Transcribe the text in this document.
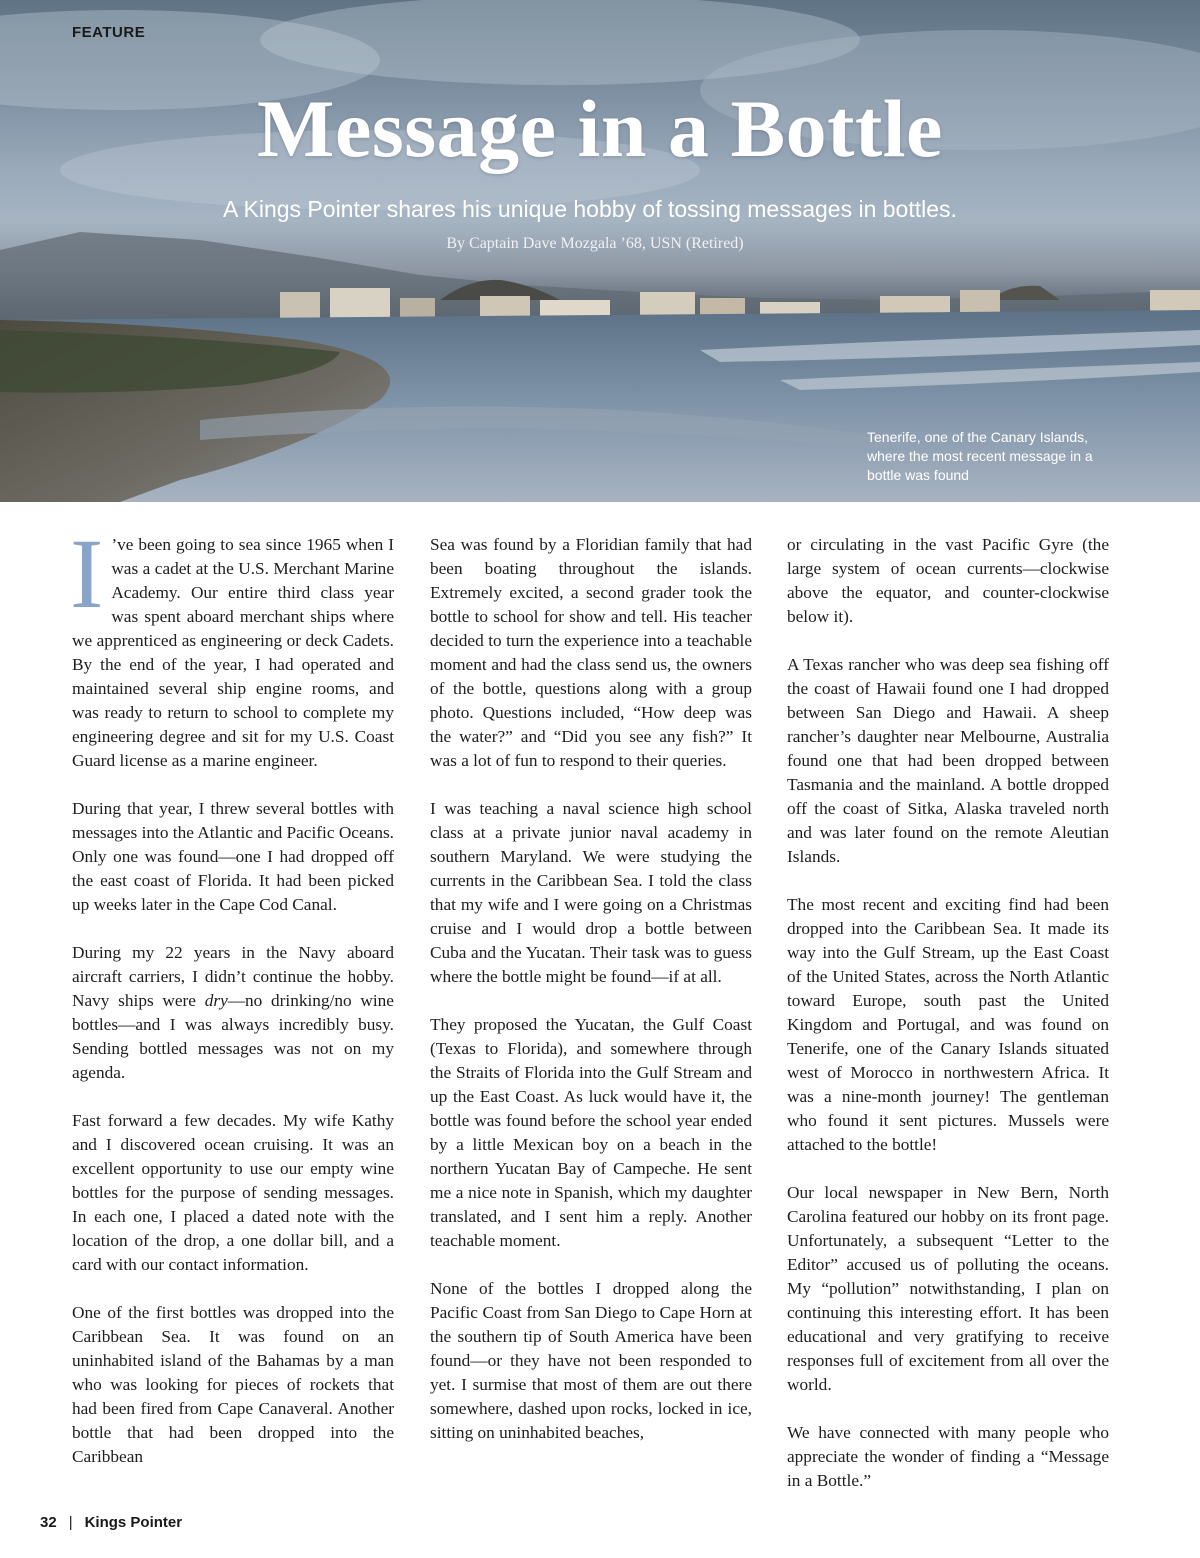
FEATURE
Message in a Bottle
A Kings Pointer shares his unique hobby of tossing messages in bottles.
By Captain Dave Mozgala ’68, USN (Retired)
Tenerife, one of the Canary Islands, where the most recent message in a bottle was found

I ’ve been going to sea since 1965 when I was a cadet at the U.S. Merchant Marine Academy. Our entire third class year was spent aboard merchant ships where we apprenticed as engineering or deck Cadets. By the end of the year, I had operated and maintained several ship engine rooms, and was ready to return to school to complete my engineering degree and sit for my U.S. Coast Guard license as a marine engineer.

During that year, I threw several bottles with messages into the Atlantic and Pacific Oceans. Only one was found—one I had dropped off the east coast of Florida. It had been picked up weeks later in the Cape Cod Canal.

During my 22 years in the Navy aboard aircraft carriers, I didn’t continue the hobby. Navy ships were dry—no drinking/no wine bottles—and I was always incredibly busy. Sending bottled messages was not on my agenda.

Fast forward a few decades. My wife Kathy and I discovered ocean cruising. It was an excellent opportunity to use our empty wine bottles for the purpose of sending messages. In each one, I placed a dated note with the location of the drop, a one dollar bill, and a card with our contact information.

One of the first bottles was dropped into the Caribbean Sea. It was found on an uninhabited island of the Bahamas by a man who was looking for pieces of rockets that had been fired from Cape Canaveral. Another bottle that had been dropped into the Caribbean

Sea was found by a Floridian family that had been boating throughout the islands. Extremely excited, a second grader took the bottle to school for show and tell. His teacher decided to turn the experience into a teachable moment and had the class send us, the owners of the bottle, questions along with a group photo. Questions included, “How deep was the water?” and “Did you see any fish?” It was a lot of fun to respond to their queries.

I was teaching a naval science high school class at a private junior naval academy in southern Maryland. We were studying the currents in the Caribbean Sea. I told the class that my wife and I were going on a Christmas cruise and I would drop a bottle between Cuba and the Yucatan. Their task was to guess where the bottle might be found—if at all.

They proposed the Yucatan, the Gulf Coast (Texas to Florida), and somewhere through the Straits of Florida into the Gulf Stream and up the East Coast. As luck would have it, the bottle was found before the school year ended by a little Mexican boy on a beach in the northern Yucatan Bay of Campeche. He sent me a nice note in Spanish, which my daughter translated, and I sent him a reply. Another teachable moment.

None of the bottles I dropped along the Pacific Coast from San Diego to Cape Horn at the southern tip of South America have been found—or they have not been responded to yet. I surmise that most of them are out there somewhere, dashed upon rocks, locked in ice, sitting on uninhabited beaches,

or circulating in the vast Pacific Gyre (the large system of ocean currents—clockwise above the equator, and counter-clockwise below it).

A Texas rancher who was deep sea fishing off the coast of Hawaii found one I had dropped between San Diego and Hawaii. A sheep rancher’s daughter near Melbourne, Australia found one that had been dropped between Tasmania and the mainland. A bottle dropped off the coast of Sitka, Alaska traveled north and was later found on the remote Aleutian Islands.

The most recent and exciting find had been dropped into the Caribbean Sea. It made its way into the Gulf Stream, up the East Coast of the United States, across the North Atlantic toward Europe, south past the United Kingdom and Portugal, and was found on Tenerife, one of the Canary Islands situated west of Morocco in northwestern Africa. It was a nine-month journey! The gentleman who found it sent pictures. Mussels were attached to the bottle!

Our local newspaper in New Bern, North Carolina featured our hobby on its front page. Unfortunately, a subsequent “Letter to the Editor” accused us of polluting the oceans. My “pollution” notwithstanding, I plan on continuing this interesting effort. It has been educational and very gratifying to receive responses full of excitement from all over the world.

We have connected with many people who appreciate the wonder of finding a “Message in a Bottle.”

32 | Kings Pointer
